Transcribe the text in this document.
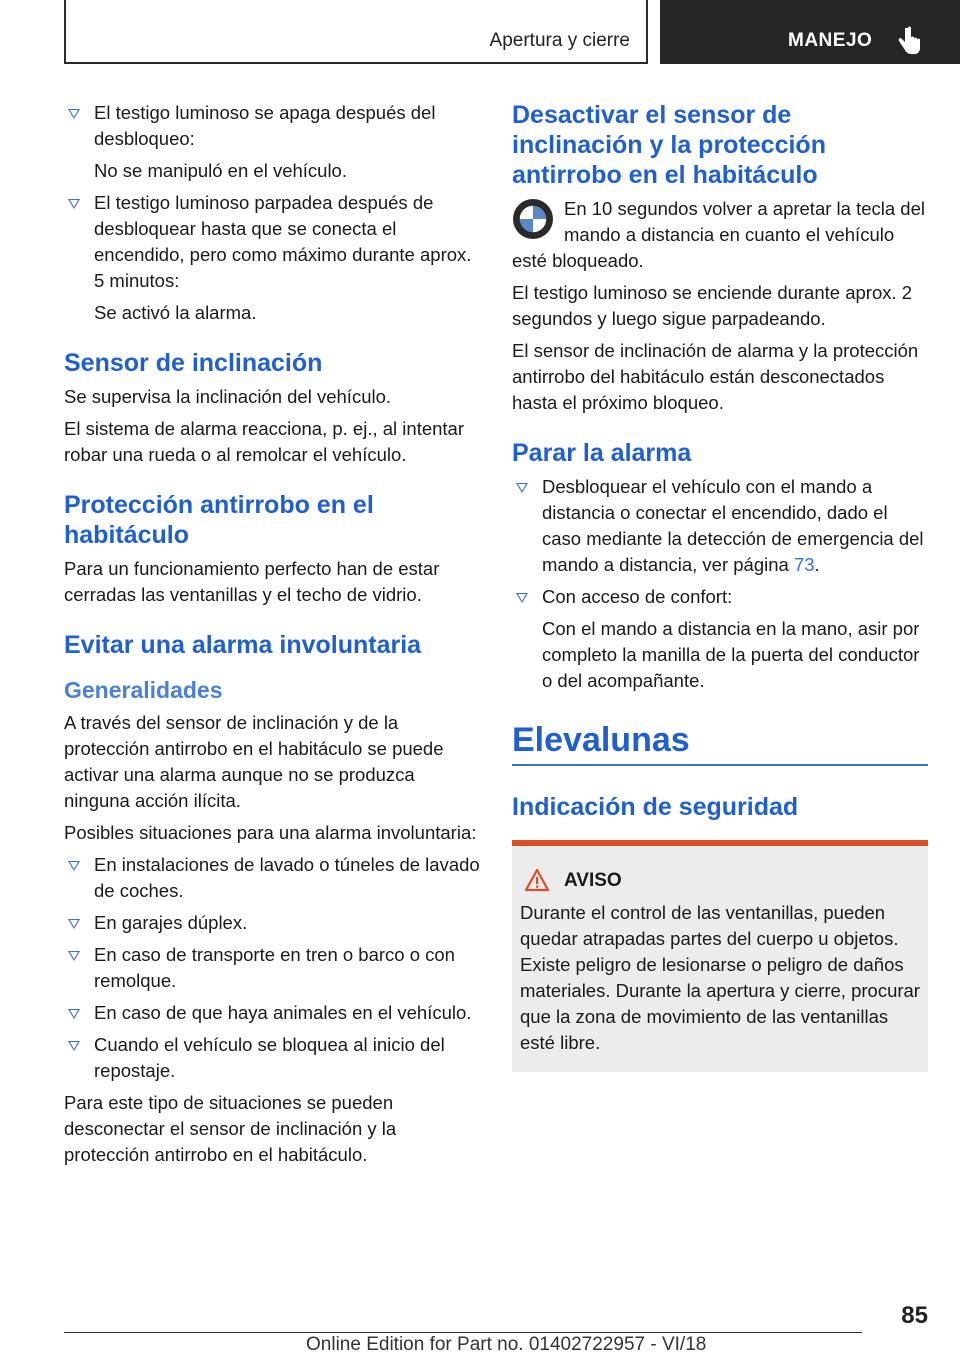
Apertura y cierre	MANEJO
El testigo luminoso se apaga después del desbloqueo:

No se manipuló en el vehículo.

El testigo luminoso parpadea después de desbloquear hasta que se conecta el encendido, pero como máximo durante aprox. 5 minutos:

Se activó la alarma.

Sensor de inclinación

Se supervisa la inclinación del vehículo.

El sistema de alarma reacciona, p. ej., al intentar robar una rueda o al remolcar el vehículo.

Protección antirrobo en el habitáculo

Para un funcionamiento perfecto han de estar cerradas las ventanillas y el techo de vidrio.

Evitar una alarma involuntaria
Generalidades

A través del sensor de inclinación y de la protección antirrobo en el habitáculo se puede activar una alarma aunque no se produzca ninguna acción ilícita.

Posibles situaciones para una alarma involuntaria:

En instalaciones de lavado o túneles de lavado de coches.
En garajes dúplex.
En caso de transporte en tren o barco o con remolque.
En caso de que haya animales en el vehículo.
Cuando el vehículo se bloquea al inicio del repostaje.

Para este tipo de situaciones se pueden desconectar el sensor de inclinación y la protección antirrobo en el habitáculo.

Desactivar el sensor de inclinación y la protección antirrobo en el habitáculo

En 10 segundos volver a apretar la tecla del mando a distancia en cuanto el vehículo esté bloqueado.

El testigo luminoso se enciende durante aprox. 2 segundos y luego sigue parpadeando.

El sensor de inclinación de alarma y la protección antirrobo del habitáculo están desconectados hasta el próximo bloqueo.

Parar la alarma
Desbloquear el vehículo con el mando a distancia o conectar el encendido, dado el caso mediante la detección de emergencia del mando a distancia, ver página 73.
Con acceso de confort:

Con el mando a distancia en la mano, asir por completo la manilla de la puerta del conductor o del acompañante.

Elevalunas
Indicación de seguridad
AVISO

Durante el control de las ventanillas, pueden quedar atrapadas partes del cuerpo u objetos. Existe peligro de lesionarse o peligro de daños materiales. Durante la apertura y cierre, procurar que la zona de movimiento de las ventanillas esté libre.

85
Online Edition for Part no. 01402722957 - VI/18
